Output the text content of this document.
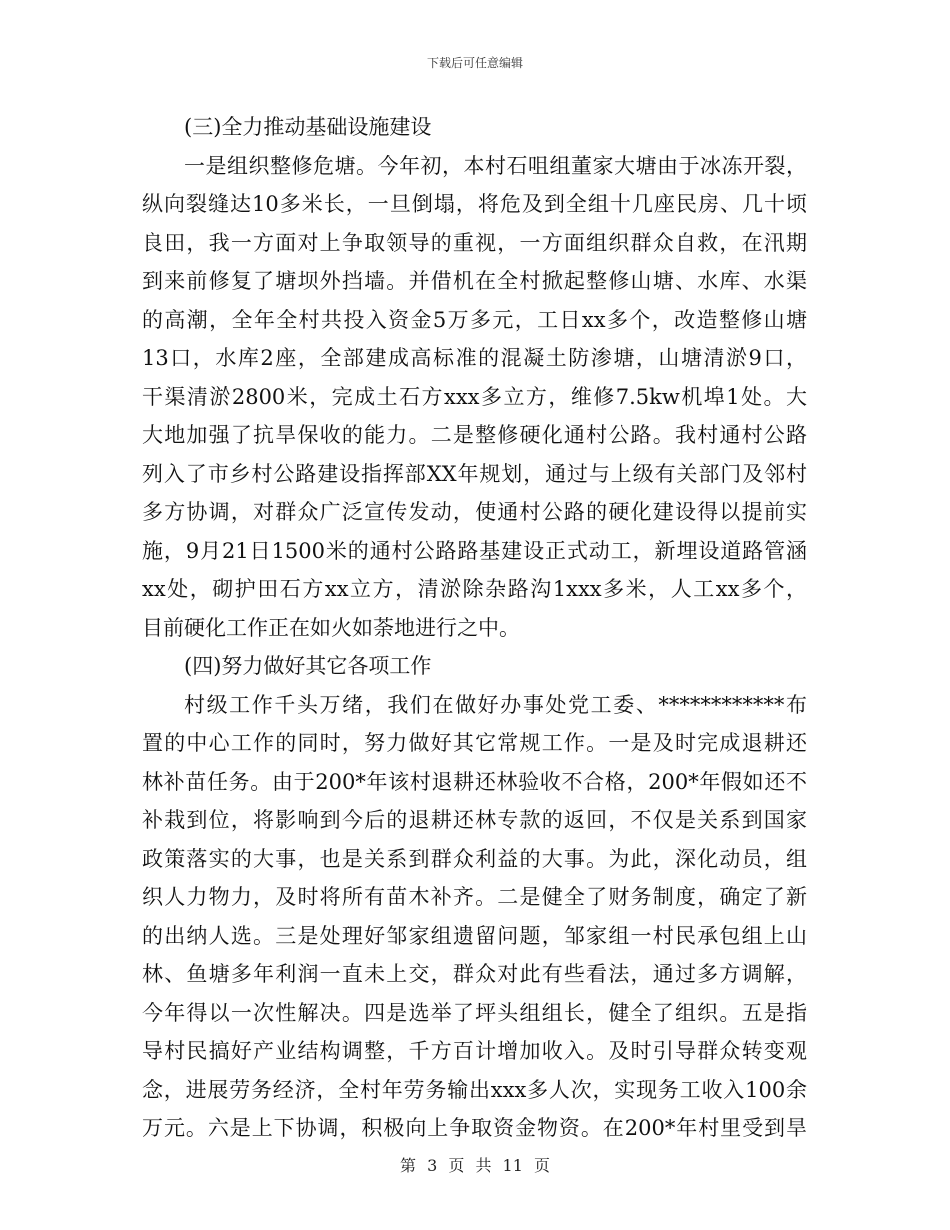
下载后可任意编辑
(三)全力推动基础设施建设
一是组织整修危塘。今年初，本村石咀组董家大塘由于冰冻开裂，
纵向裂缝达10多米长，一旦倒塌，将危及到全组十几座民房、几十顷
良田，我一方面对上争取领导的重视，一方面组织群众自救，在汛期
到来前修复了塘坝外挡墙。并借机在全村掀起整修山塘、水库、水渠
的高潮，全年全村共投入资金5万多元，工日xx多个，改造整修山塘
13口，水库2座，全部建成高标准的混凝土防渗塘，山塘清淤9口，
干渠清淤2800米，完成土石方xxx多立方，维修7.5kw机埠1处。大
大地加强了抗旱保收的能力。二是整修硬化通村公路。我村通村公路
列入了市乡村公路建设指挥部XX年规划，通过与上级有关部门及邻村
多方协调，对群众广泛宣传发动，使通村公路的硬化建设得以提前实
施，9月21日1500米的通村公路路基建设正式动工，新埋设道路管涵
xx处，砌护田石方xx立方，清淤除杂路沟1xxx多米，人工xx多个，
目前硬化工作正在如火如荼地进行之中。
(四)努力做好其它各项工作
村级工作千头万绪，我们在做好办事处党工委、************布
置的中心工作的同时，努力做好其它常规工作。一是及时完成退耕还
林补苗任务。由于200*年该村退耕还林验收不合格，200*年假如还不
补栽到位，将影响到今后的退耕还林专款的返回，不仅是关系到国家
政策落实的大事，也是关系到群众利益的大事。为此，深化动员，组
织人力物力，及时将所有苗木补齐。二是健全了财务制度，确定了新
的出纳人选。三是处理好邹家组遗留问题，邹家组一村民承包组上山
林、鱼塘多年利润一直未上交，群众对此有些看法，通过多方调解，
今年得以一次性解决。四是选举了坪头组组长，健全了组织。五是指
导村民搞好产业结构调整，千方百计增加收入。及时引导群众转变观
念，进展劳务经济，全村年劳务输出xxx多人次，实现务工收入100余
万元。六是上下协调，积极向上争取资金物资。在200*年村里受到旱
第 3 页 共 11 页
